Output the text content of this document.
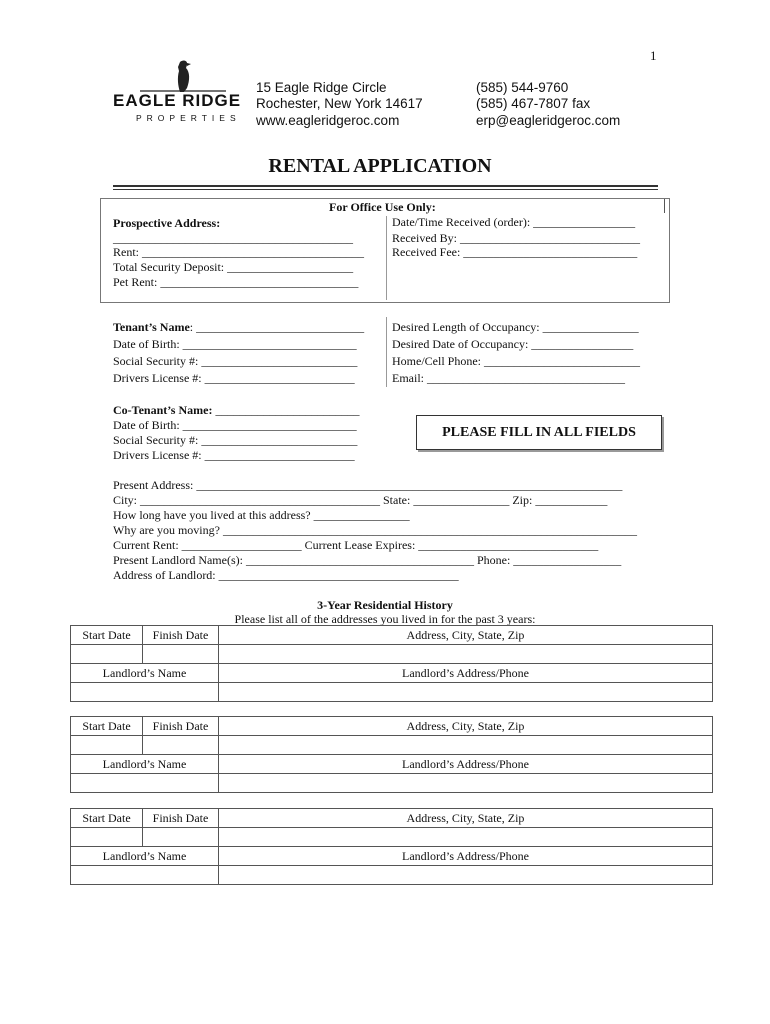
1
EAGLE RIDGE
PROPERTIES
15 Eagle Ridge Circle
Rochester, New York 14617
www.eagleridgeroc.com
(585) 544-9760
(585) 467-7807 fax
erp@eagleridgeroc.com
RENTAL APPLICATION
For Office Use Only:
Prospective Address:
________________________________________
Rent: _____________________________________
Total Security Deposit: _____________________
Pet Rent: _________________________________
Date/Time Received (order): _________________
Received By: ______________________________
Received Fee: _____________________________
Tenant’s Name: ____________________________
Date of Birth: _____________________________
Social Security #: __________________________
Drivers License #: _________________________
Desired Length of Occupancy: ________________
Desired Date of Occupancy: _________________
Home/Cell Phone: __________________________
Email: _________________________________
Co-Tenant’s Name: ________________________
Date of Birth: _____________________________
Social Security #: __________________________
Drivers License #: _________________________
PLEASE FILL IN ALL FIELDS
Present Address: _______________________________________________________________________
City: ________________________________________ State: ________________ Zip: ____________
How long have you lived at this address? ________________
Why are you moving? _____________________________________________________________________
Current Rent: ____________________ Current Lease Expires: ______________________________
Present Landlord Name(s): ______________________________________ Phone: __________________
Address of Landlord: ________________________________________
3-Year Residential History
Please list all of the addresses you lived in for the past 3 years:
Start Date	Finish Date	Address, City, State, Zip

Landlord’s Name		Landlord’s Address/Phone

Start Date	Finish Date	Address, City, State, Zip

Landlord’s Name		Landlord’s Address/Phone

Start Date	Finish Date	Address, City, State, Zip

Landlord’s Name		Landlord’s Address/Phone
